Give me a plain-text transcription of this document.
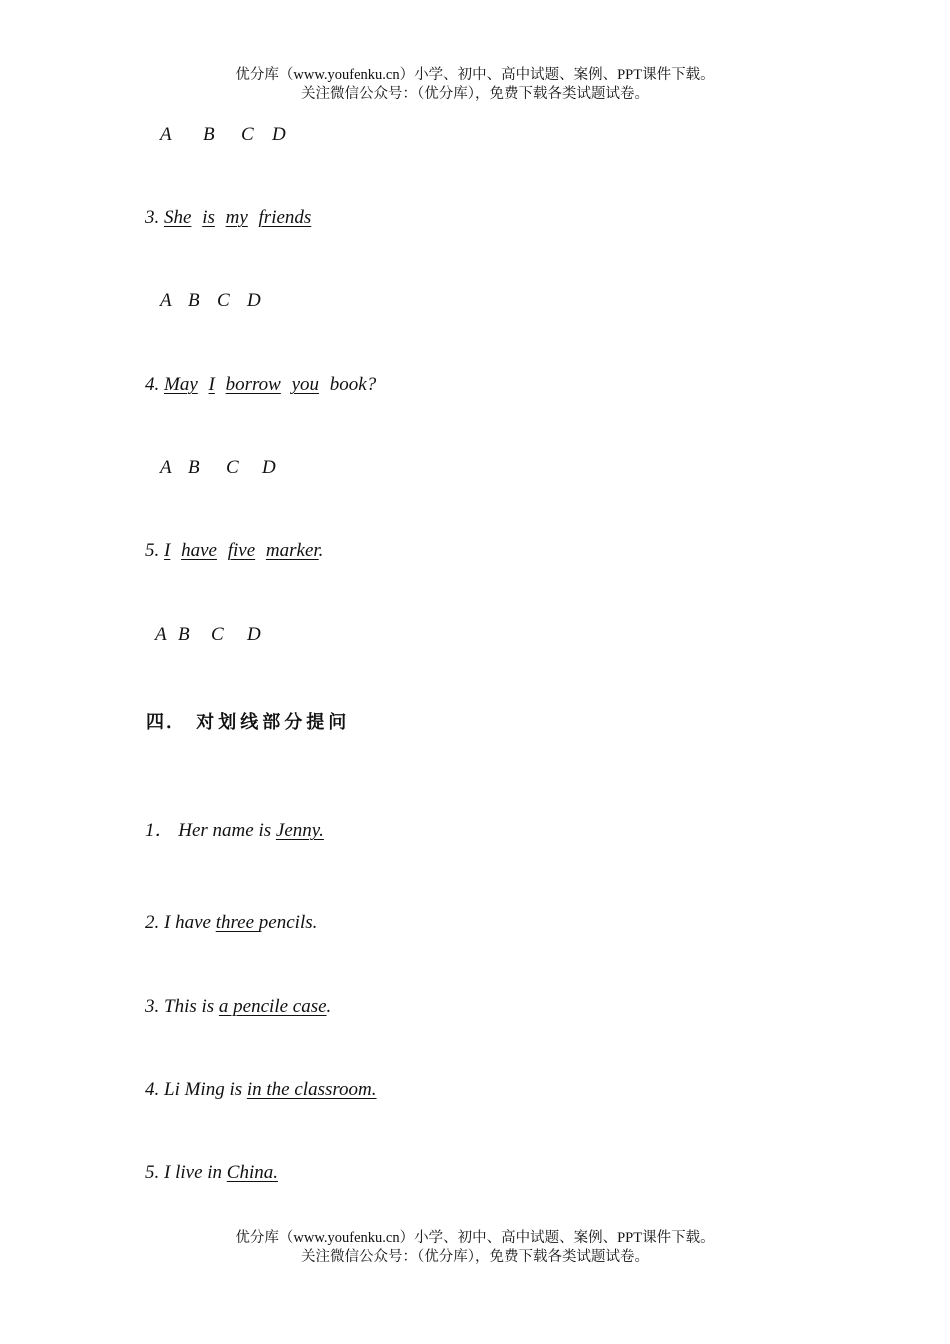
优分库（www.youfenku.cn）小学、初中、高中试题、案例、PPT课件下载。
关注微信公众号：（优分库），免费下载各类试题试卷。
A B C D
3. She is my friends
A B C D
4. May I borrow you book?
A B C D
5. I have five marker.
A B C D
四． 对划线部分提问
1． Her name is Jenny.
2. I have three pencils.
3. This is a pencile case.
4. Li Ming is in the classroom.
5. I live in China.
优分库（www.youfenku.cn）小学、初中、高中试题、案例、PPT课件下载。
关注微信公众号：（优分库），免费下载各类试题试卷。
